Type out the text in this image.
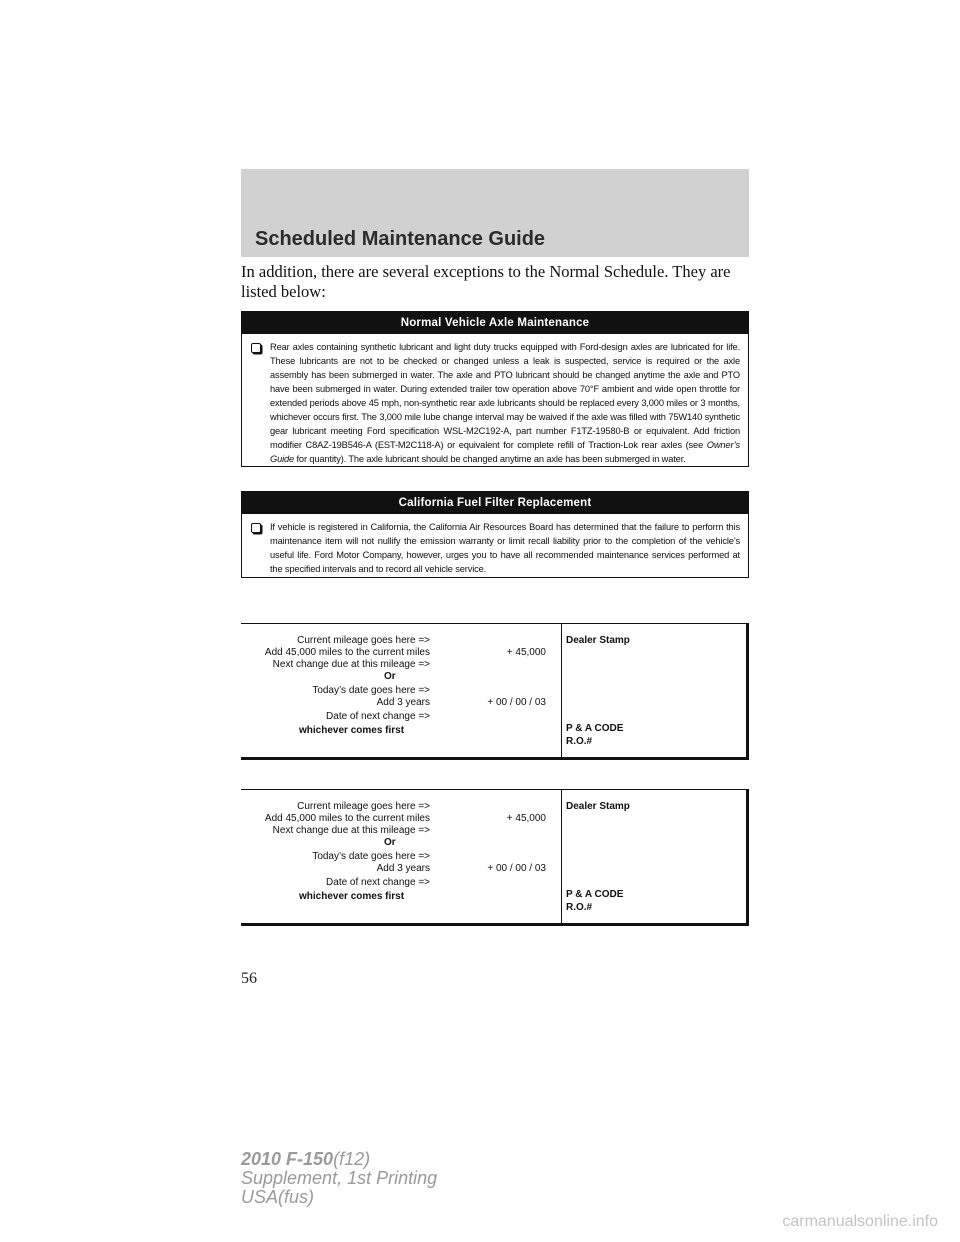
Scheduled Maintenance Guide

In addition, there are several exceptions to the Normal Schedule. They are listed below:

Normal Vehicle Axle Maintenance

Rear axles containing synthetic lubricant and light duty trucks equipped with Ford-design axles are lubricated for life. These lubricants are not to be checked or changed unless a leak is suspected, service is required or the axle assembly has been submerged in water. The axle and PTO lubricant should be changed anytime the axle and PTO have been submerged in water. During extended trailer tow operation above 70°F ambient and wide open throttle for extended periods above 45 mph, non-synthetic rear axle lubricants should be replaced every 3,000 miles or 3 months, whichever occurs first. The 3,000 mile lube change interval may be waived if the axle was filled with 75W140 synthetic gear lubricant meeting Ford specification WSL-M2C192-A, part number F1TZ-19580-B or equivalent. Add friction modifier C8AZ-19B546-A (EST-M2C118-A) or equivalent for complete refill of Traction-Lok rear axles (see Owner’s Guide for quantity). The axle lubricant should be changed anytime an axle has been submerged in water.

California Fuel Filter Replacement

If vehicle is registered in California, the California Air Resources Board has determined that the failure to perform this maintenance item will not nullify the emission warranty or limit recall liability prior to the completion of the vehicle’s useful life. Ford Motor Company, however, urges you to have all recommended maintenance services performed at the specified intervals and to record all vehicle service.

Current mileage goes here =>
Add 45,000 miles to the current miles	+ 45,000
Next change due at this mileage =>
Or
Today’s date goes here =>
Add 3 years	+ 00 / 00 / 03
Date of next change =>
whichever comes first
Dealer Stamp
P & A CODE
R.O.#
Current mileage goes here =>
Add 45,000 miles to the current miles	+ 45,000
Next change due at this mileage =>
Or
Today’s date goes here =>
Add 3 years	+ 00 / 00 / 03
Date of next change =>
whichever comes first
Dealer Stamp
P & A CODE
R.O.#
56
2010 F-150(f12)
Supplement, 1st Printing
USA(fus)
carmanualsonline.info
